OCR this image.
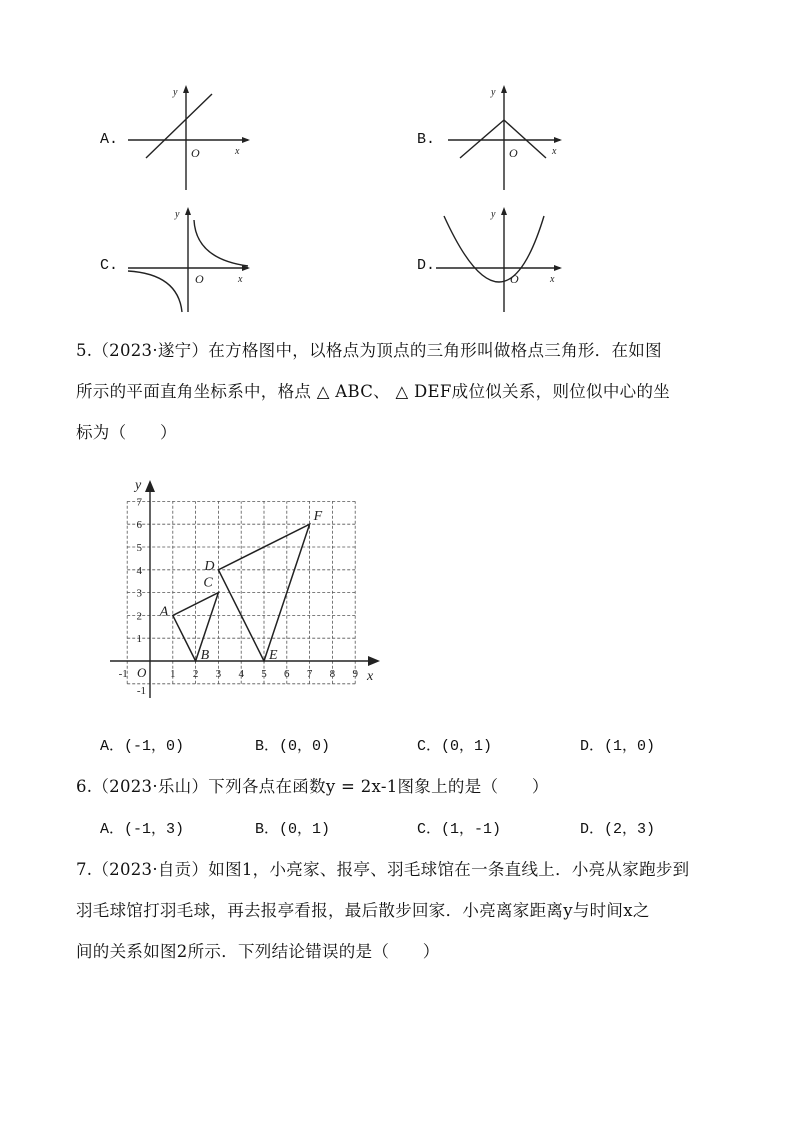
A.
x
y
O
B.
x
y
O
C.
x
y
O
D.
x
y
O
5.（2023·遂宁）在方格图中，以格点为顶点的三角形叫做格点三角形．在如图
所示的平面直角坐标系中，格点 △ ABC、 △ DEF成位似关系，则位似中心的坐
标为（　　）
x
y
O
-1	1 2 3 4 5 6 7 8 9
-1
1
2
3
4
5
6
7
A
B
C
D
E
F
A．(-1，0)	B．(0，0)	C．(0，1)	D．(1，0)
6.（2023·乐山）下列各点在函数y = 2x-1图象上的是（　　）
A．(-1，3)	B．(0，1)	C．(1，-1)	D．(2，3)
7.（2023·自贡）如图1，小亮家、报亭、羽毛球馆在一条直线上．小亮从家跑步到
羽毛球馆打羽毛球，再去报亭看报，最后散步回家．小亮离家距离y与时间x之
间的关系如图2所示．下列结论错误的是（　　）
